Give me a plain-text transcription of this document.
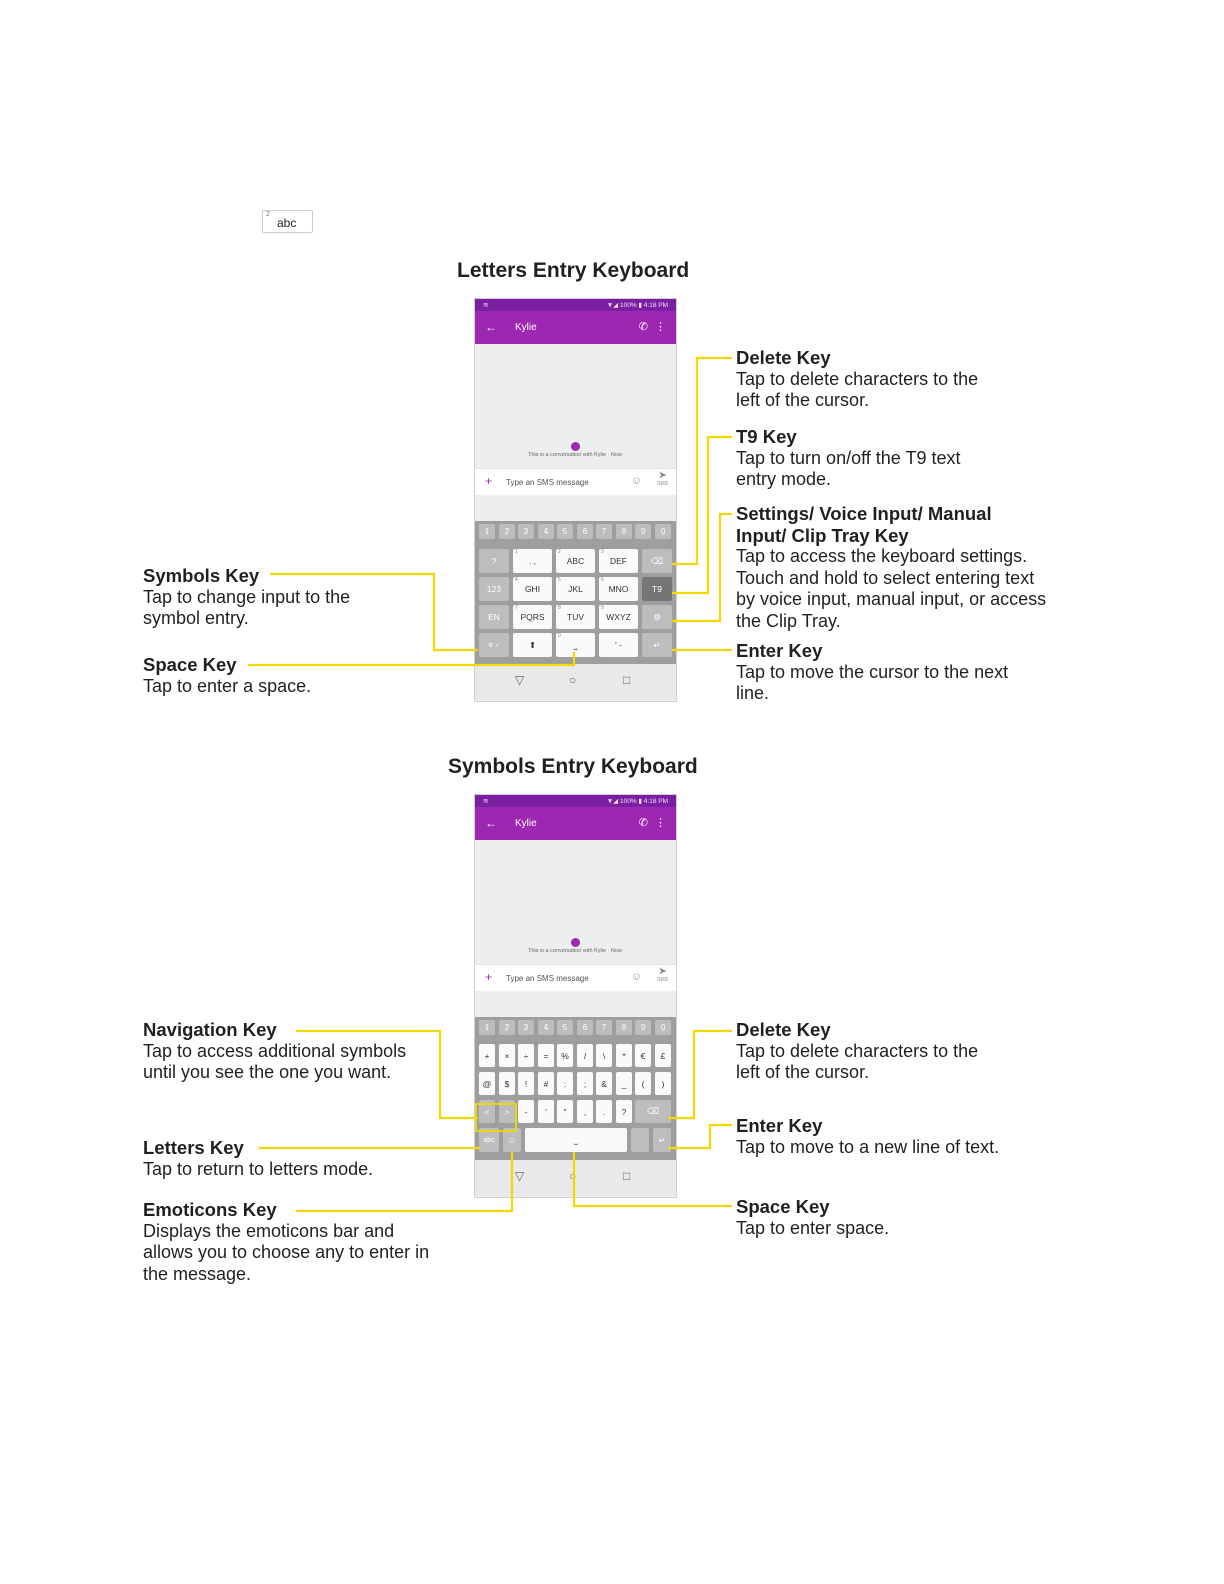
2
abc
Letters Entry Keyboard
≋	▼◢ 100% ▮ 4:18 PM
← Kylie	✆ ⋮
This is a conversation with Kylie · Now
+ Type an SMS message	☺ ➤
SMS
1	2	3	4	5	6	7	8	9	0
?
1
. ,
2
ABC
3
DEF	⌫
123
4
GHI
5
JKL
6
MNO	T9
EN
7
PQRS
8
TUV
9
WXYZ	⚙
⚙ ✓	⬆
0
⎵	' -	↵
▽	○	□
Delete Key
Tap to delete characters to the left of the cursor.
T9 Key
Tap to turn on/off the T9 text entry mode.
Settings/ Voice Input/ Manual Input/ Clip Tray Key
Tap to access the keyboard settings. Touch and hold to select entering text by voice input, manual input, or access the Clip Tray.
Enter Key
Tap to move the cursor to the next line.
Symbols Key
Tap to change input to the symbol entry.
Space Key
Tap to enter a space.
Symbols Entry Keyboard
≋	▼◢ 100% ▮ 4:18 PM
← Kylie	✆ ⋮
This is a conversation with Kylie · Now
+ Type an SMS message	☺ ➤
SMS
1	2	3	4	5	6	7	8	9	0
+	×	÷	=	%	/	\	*	€	£
@	$	!	#	:	;	&	_	(	)
<	>	-	'	"	,	.	?	⌫
abc	☺	⎵	.	↵
▽	○	□
Navigation Key
Tap to access additional symbols until you see the one you want.
Letters Key
Tap to return to letters mode.
Emoticons Key
Displays the emoticons bar and allows you to choose any to enter in the message.
Delete Key
Tap to delete characters to the left of the cursor.
Enter Key
Tap to move to a new line of text.
Space Key
Tap to enter space.
